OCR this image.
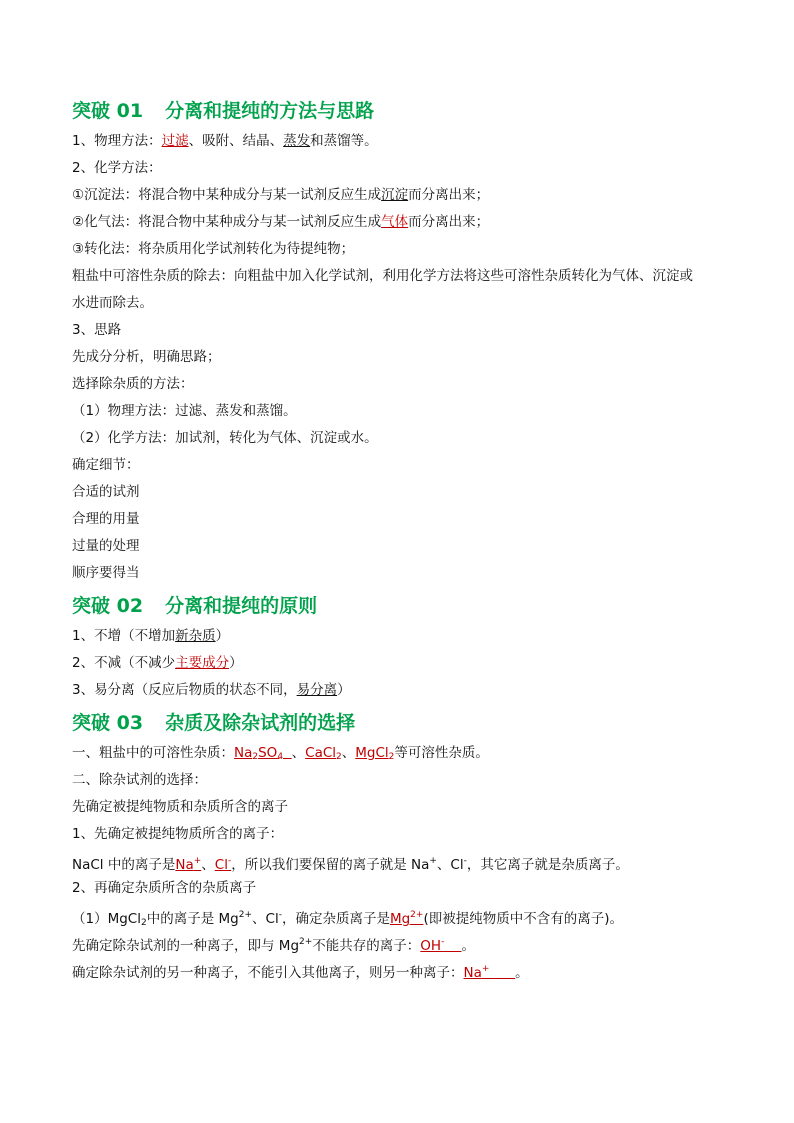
突破 01 分离和提纯的方法与思路
1、物理方法：过滤、吸附、结晶、蒸发和蒸馏等。
2、化学方法：
①沉淀法：将混合物中某种成分与某一试剂反应生成沉淀而分离出来；
②化气法：将混合物中某种成分与某一试剂反应生成气体而分离出来；
③转化法：将杂质用化学试剂转化为待提纯物；
粗盐中可溶性杂质的除去：向粗盐中加入化学试剂，利用化学方法将这些可溶性杂质转化为气体、沉淀或
水进而除去。
3、思路
先成分分析，明确思路；
选择除杂质的方法：
（1）物理方法：过滤、蒸发和蒸馏。
（2）化学方法：加试剂，转化为气体、沉淀或水。
确定细节：
合适的试剂
合理的用量
过量的处理
顺序要得当
突破 02 分离和提纯的原则
1、不增（不增加新杂质）
2、不减（不减少主要成分）
3、易分离（反应后物质的状态不同，易分离）
突破 03 杂质及除杂试剂的选择
一、粗盐中的可溶性杂质：$Na_2SO_4$ 、CaCl$_2$、MgCl$_2$等可溶性杂质。
二、除杂试剂的选择：
先确定被提纯物质和杂质所含的离子
1、先确定被提纯物质所含的离子：
NaCl 中的离子是Na+、Cl-，所以我们要保留的离子就是 Na+、Cl-，其它离子就是杂质离子。
2、再确定杂质所含的杂质离子
（1）MgCl$_2$中的离子是 $Mg^{2+}$、Cl-，确定杂质离子是$Mg^{2+}$(即被提纯物质中不含有的离子)。
先确定除杂试剂的一种离子，即与 $Mg^{2+}$不能共存的离子：OH- 。
确定除杂试剂的另一种离子，不能引入其他离子，则另一种离子：Na+ 。
